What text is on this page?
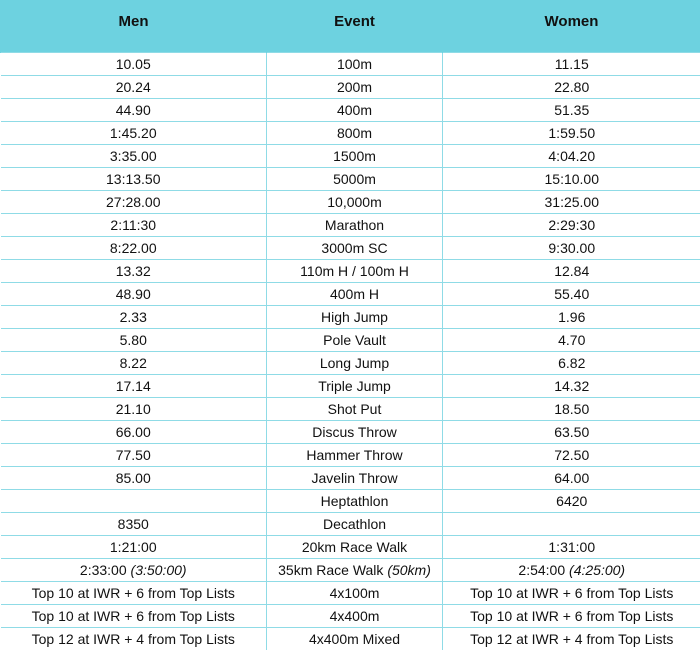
Men	Event	Women
10.05	100m	11.15
20.24	200m	22.80
44.90	400m	51.35
1:45.20	800m	1:59.50
3:35.00	1500m	4:04.20
13:13.50	5000m	15:10.00
27:28.00	10,000m	31:25.00
2:11:30	Marathon	2:29:30
8:22.00	3000m SC	9:30.00
13.32	110m H / 100m H	12.84
48.90	400m H	55.40
2.33	High Jump	1.96
5.80	Pole Vault	4.70
8.22	Long Jump	6.82
17.14	Triple Jump	14.32
21.10	Shot Put	18.50
66.00	Discus Throw	63.50
77.50	Hammer Throw	72.50
85.00	Javelin Throw	64.00
	Heptathlon	6420
8350	Decathlon	
1:21:00	20km Race Walk	1:31:00
2:33:00 (3:50:00)	35km Race Walk (50km)	2:54:00 (4:25:00)
Top 10 at IWR + 6 from Top Lists	4x100m	Top 10 at IWR + 6 from Top Lists
Top 10 at IWR + 6 from Top Lists	4x400m	Top 10 at IWR + 6 from Top Lists
Top 12 at IWR + 4 from Top Lists	4x400m Mixed	Top 12 at IWR + 4 from Top Lists
